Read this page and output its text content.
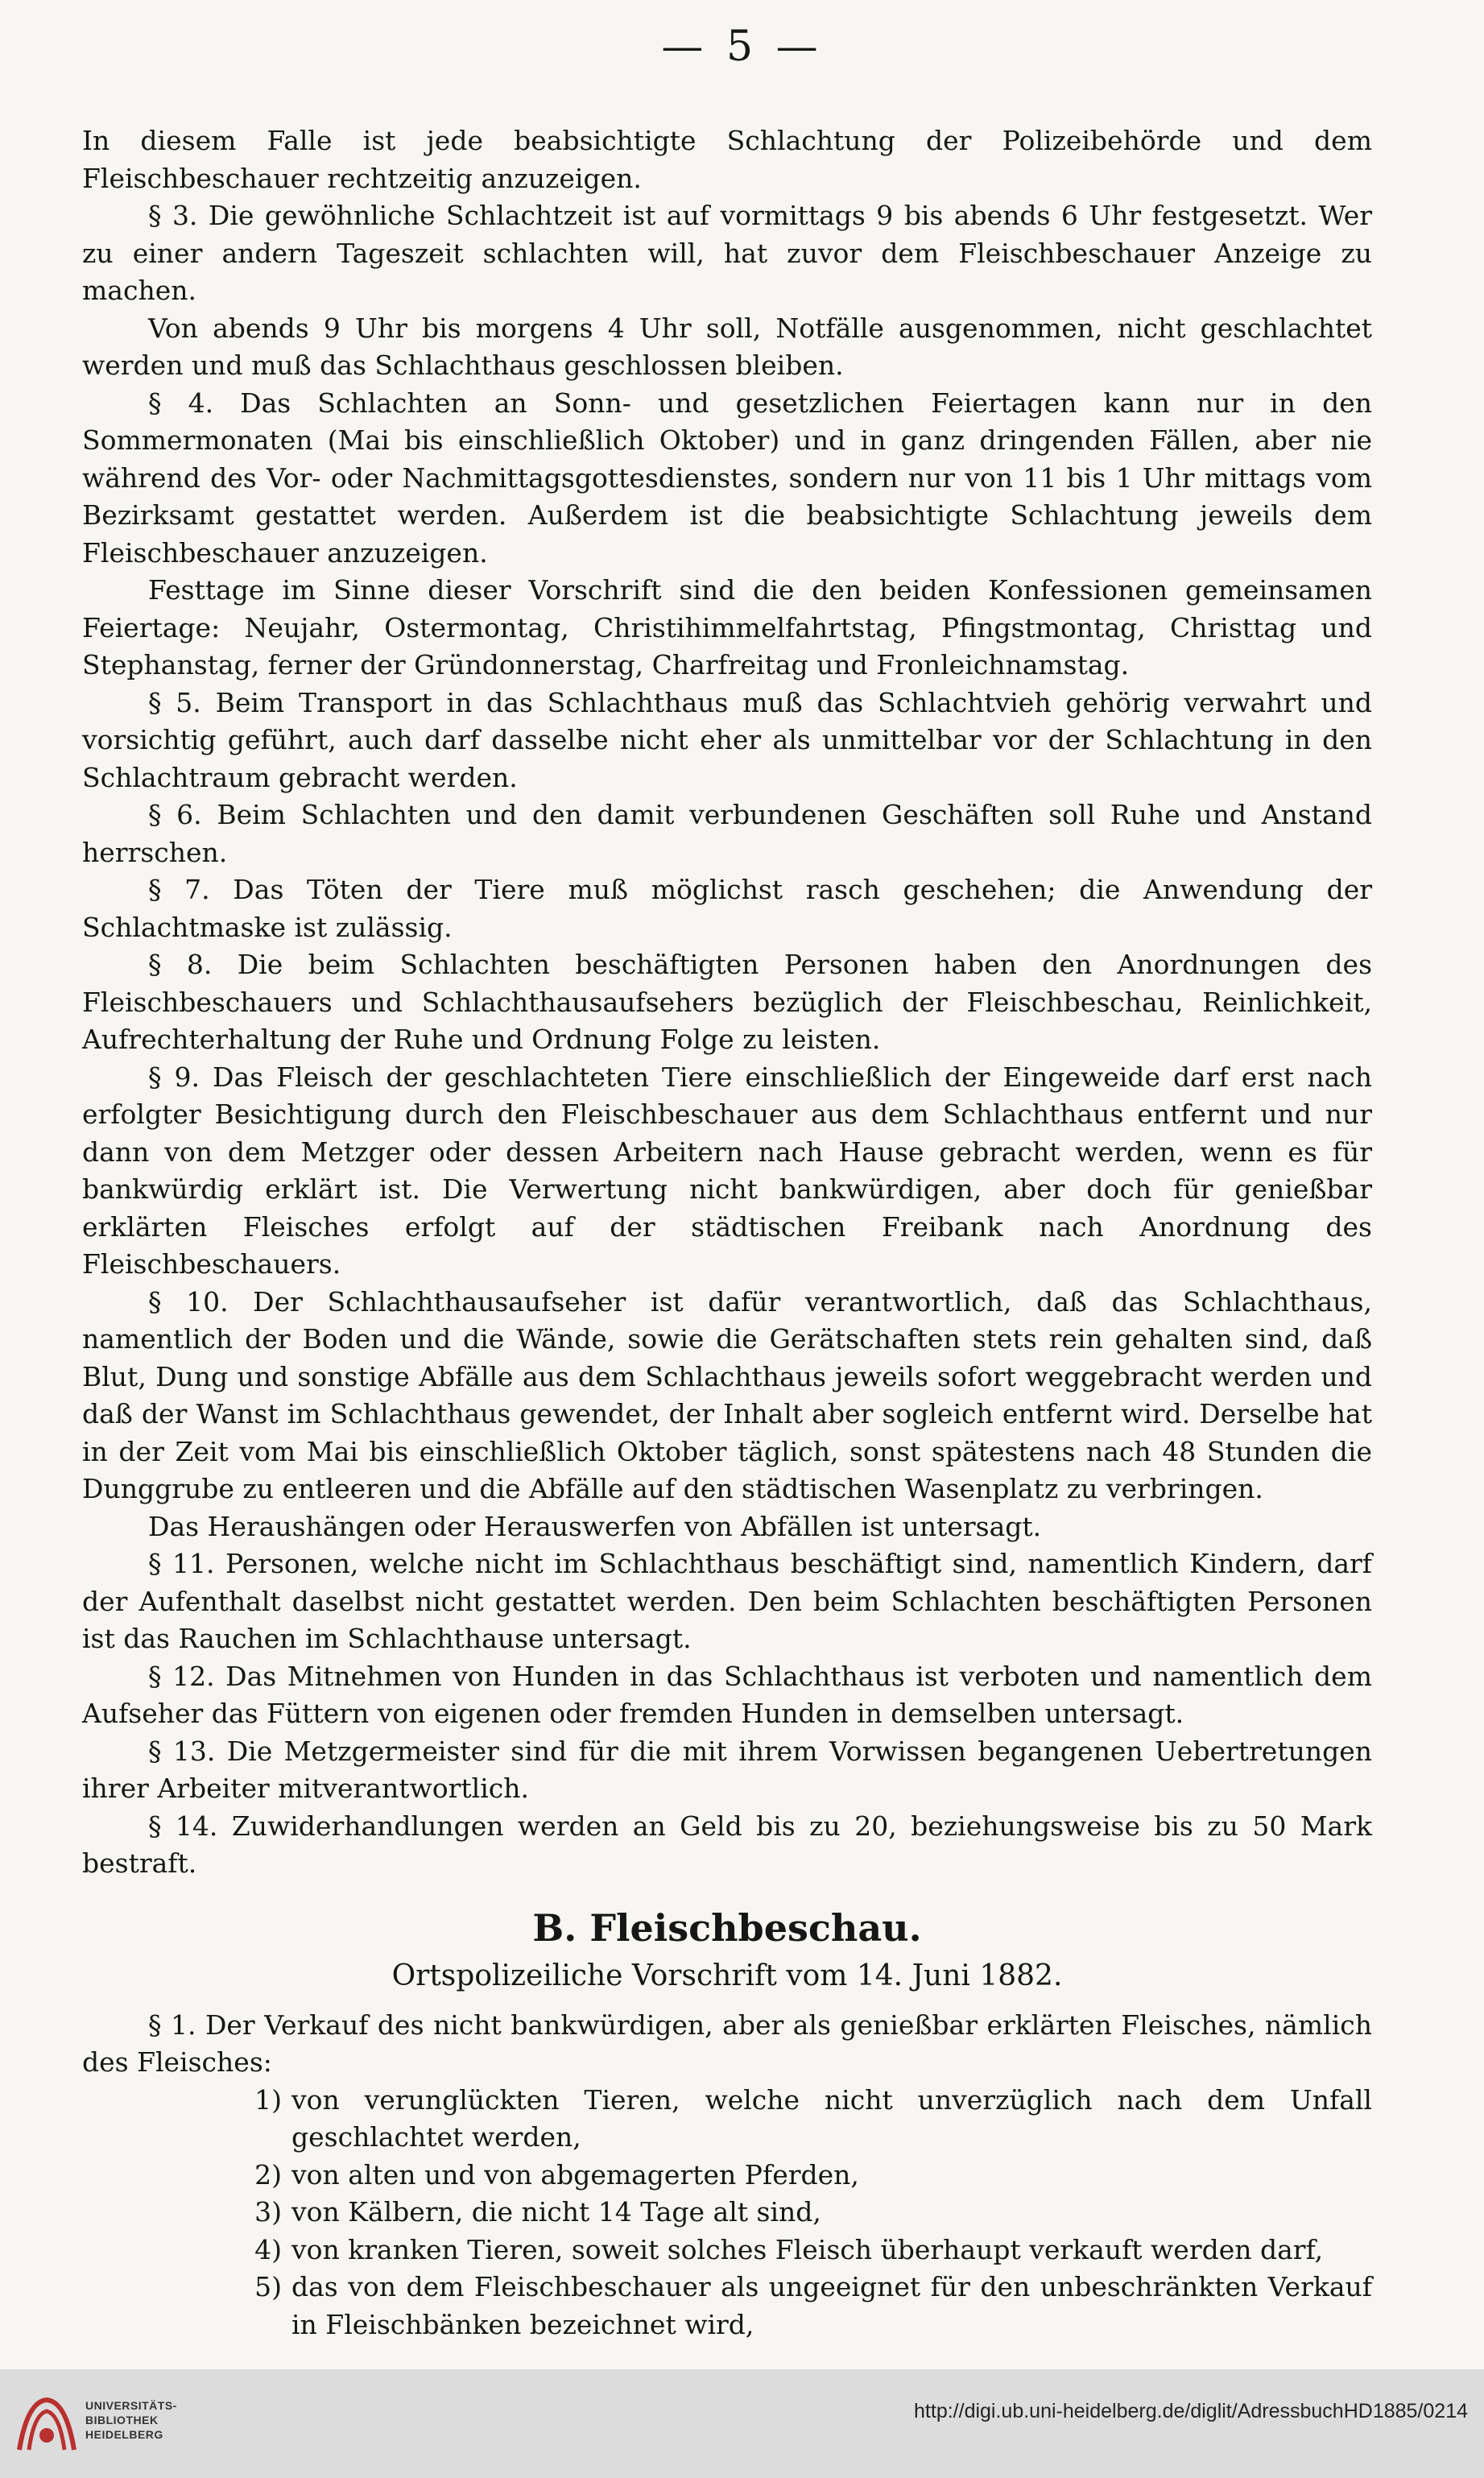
— 5 —

In diesem Falle ist jede beabsichtigte Schlachtung der Polizeibehörde und dem Fleischbeschauer rechtzeitig anzuzeigen.

§ 3. Die gewöhnliche Schlachtzeit ist auf vormittags 9 bis abends 6 Uhr festgesetzt. Wer zu einer andern Tageszeit schlachten will, hat zuvor dem Fleischbeschauer Anzeige zu machen.

Von abends 9 Uhr bis morgens 4 Uhr soll, Notfälle ausgenommen, nicht geschlachtet werden und muß das Schlachthaus geschlossen bleiben.

§ 4. Das Schlachten an Sonn- und gesetzlichen Feiertagen kann nur in den Sommermonaten (Mai bis einschließlich Oktober) und in ganz dringenden Fällen, aber nie während des Vor- oder Nachmittagsgottesdienstes, sondern nur von 11 bis 1 Uhr mittags vom Bezirksamt gestattet werden. Außerdem ist die beabsichtigte Schlachtung jeweils dem Fleischbeschauer anzuzeigen.

Festtage im Sinne dieser Vorschrift sind die den beiden Konfessionen gemeinsamen Feiertage: Neujahr, Ostermontag, Christihimmelfahrtstag, Pfingstmontag, Christtag und Stephanstag, ferner der Gründonnerstag, Charfreitag und Fronleichnamstag.

§ 5. Beim Transport in das Schlachthaus muß das Schlachtvieh gehörig verwahrt und vorsichtig geführt, auch darf dasselbe nicht eher als unmittelbar vor der Schlachtung in den Schlachtraum gebracht werden.

§ 6. Beim Schlachten und den damit verbundenen Geschäften soll Ruhe und Anstand herrschen.

§ 7. Das Töten der Tiere muß möglichst rasch geschehen; die Anwendung der Schlachtmaske ist zulässig.

§ 8. Die beim Schlachten beschäftigten Personen haben den Anordnungen des Fleischbeschauers und Schlachthausaufsehers bezüglich der Fleischbeschau, Reinlichkeit, Aufrechterhaltung der Ruhe und Ordnung Folge zu leisten.

§ 9. Das Fleisch der geschlachteten Tiere einschließlich der Eingeweide darf erst nach erfolgter Besichtigung durch den Fleischbeschauer aus dem Schlachthaus entfernt und nur dann von dem Metzger oder dessen Arbeitern nach Hause gebracht werden, wenn es für bankwürdig erklärt ist. Die Verwertung nicht bankwürdigen, aber doch für genießbar erklärten Fleisches erfolgt auf der städtischen Freibank nach Anordnung des Fleischbeschauers.

§ 10. Der Schlachthausaufseher ist dafür verantwortlich, daß das Schlachthaus, namentlich der Boden und die Wände, sowie die Gerätschaften stets rein gehalten sind, daß Blut, Dung und sonstige Abfälle aus dem Schlachthaus jeweils sofort weggebracht werden und daß der Wanst im Schlachthaus gewendet, der Inhalt aber sogleich entfernt wird. Derselbe hat in der Zeit vom Mai bis einschließlich Oktober täglich, sonst spätestens nach 48 Stunden die Dunggrube zu entleeren und die Abfälle auf den städtischen Wasenplatz zu verbringen.

Das Heraushängen oder Herauswerfen von Abfällen ist untersagt.

§ 11. Personen, welche nicht im Schlachthaus beschäftigt sind, namentlich Kindern, darf der Aufenthalt daselbst nicht gestattet werden. Den beim Schlachten beschäftigten Personen ist das Rauchen im Schlachthause untersagt.

§ 12. Das Mitnehmen von Hunden in das Schlachthaus ist verboten und namentlich dem Aufseher das Füttern von eigenen oder fremden Hunden in demselben untersagt.

§ 13. Die Metzgermeister sind für die mit ihrem Vorwissen begangenen Uebertretungen ihrer Arbeiter mitverantwortlich.

§ 14. Zuwiderhandlungen werden an Geld bis zu 20, beziehungsweise bis zu 50 Mark bestraft.

B. Fleischbeschau.

Ortspolizeiliche Vorschrift vom 14. Juni 1882.

§ 1. Der Verkauf des nicht bankwürdigen, aber als genießbar erklärten Fleisches, nämlich des Fleisches:

1) von verunglückten Tieren, welche nicht unverzüglich nach dem Unfall geschlachtet werden,
2) von alten und von abgemagerten Pferden,
3) von Kälbern, die nicht 14 Tage alt sind,
4) von kranken Tieren, soweit solches Fleisch überhaupt verkauft werden darf,
5) das von dem Fleischbeschauer als ungeeignet für den unbeschränkten Verkauf in Fleischbänken bezeichnet wird,
UNIVERSITÄTS-
BIBLIOTHEK
HEIDELBERG
http://digi.ub.uni-heidelberg.de/diglit/AdressbuchHD1885/0214
